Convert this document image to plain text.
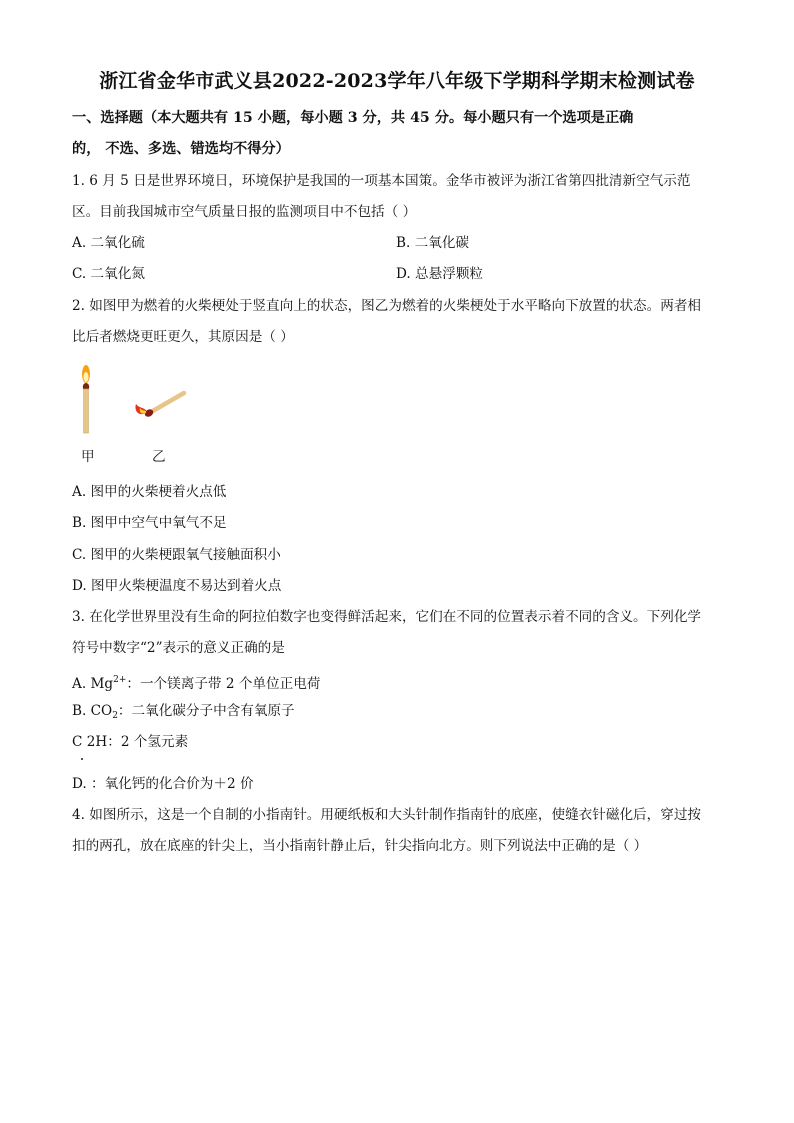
浙江省金华市武义县2022-2023学年八年级下学期科学期末检测试卷
一、选择题（本大题共有 15 小题，每小题 3 分，共 45 分。每小题只有一个选项是正确
的， 不选、多选、错选均不得分）
1. 6 月 5 日是世界环境日，环境保护是我国的一项基本国策。金华市被评为浙江省第四批清新空气示范
区。目前我国城市空气质量日报的监测项目中不包括（ ）
A. 二氧化硫	B. 二氧化碳
C. 二氧化氮	D. 总悬浮颗粒
2. 如图甲为燃着的火柴梗处于竖直向上的状态，图乙为燃着的火柴梗处于水平略向下放置的状态。两者相
比后者燃烧更旺更久，其原因是（ ）
甲	乙
A. 图甲的火柴梗着火点低
B. 图甲中空气中氧气不足
C. 图甲的火柴梗跟氧气接触面积小
D. 图甲火柴梗温度不易达到着火点
3. 在化学世界里没有生命的阿拉伯数字也变得鲜活起来，它们在不同的位置表示着不同的含义。下列化学
符号中数字“2”表示的意义正确的是
A. $Mg^{2+}$：一个镁离子带 2 个单位正电荷
B. $CO_2$：二氧化碳分子中含有氧原子
C 2H：2 个氢元素
D. ：氧化钙的化合价为＋2 价
4. 如图所示，这是一个自制的小指南针。用硬纸板和大头针制作指南针的底座，使缝衣针磁化后，穿过按
扣的两孔，放在底座的针尖上，当小指南针静止后，针尖指向北方。则下列说法中正确的是（ ）
